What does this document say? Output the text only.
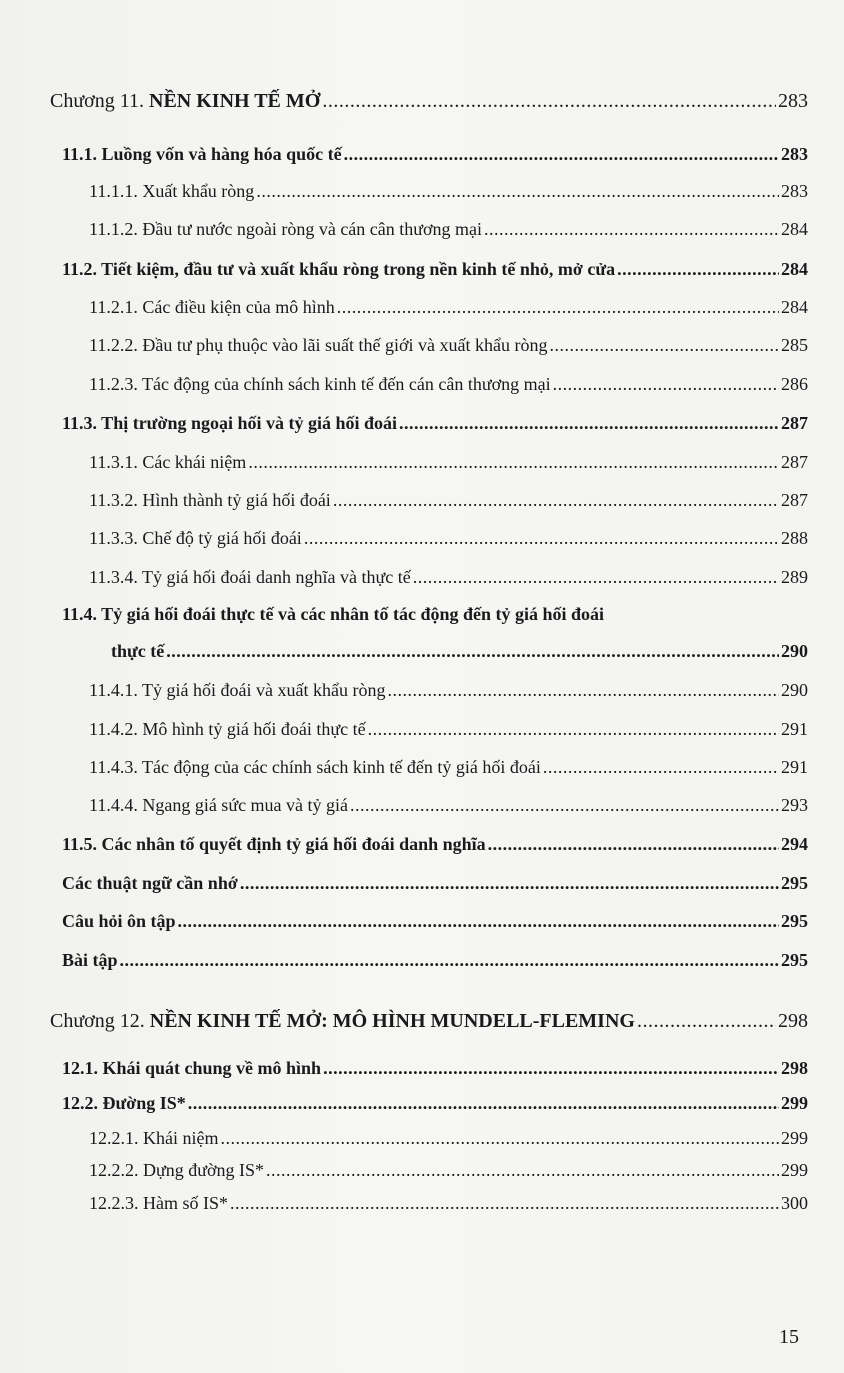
Chương 11. NỀN KINH TẾ MỞ .....	283
11.1. Luồng vốn và hàng hóa quốc tế .....	283
11.1.1. Xuất khẩu ròng .....	283
11.1.2. Đầu tư nước ngoài ròng và cán cân thương mại .....	284
11.2. Tiết kiệm, đầu tư và xuất khẩu ròng trong nền kinh tế nhỏ, mở cửa .....	284
11.2.1. Các điều kiện của mô hình .....	284
11.2.2. Đầu tư phụ thuộc vào lãi suất thế giới và xuất khẩu ròng .....	285
11.2.3. Tác động của chính sách kinh tế đến cán cân thương mại .....	286
11.3. Thị trường ngoại hối và tỷ giá hối đoái .....	287
11.3.1. Các khái niệm .....	287
11.3.2. Hình thành tỷ giá hối đoái .....	287
11.3.3. Chế độ tỷ giá hối đoái .....	288
11.3.4. Tỷ giá hối đoái danh nghĩa và thực tế .....	289
11.4. Tỷ giá hối đoái thực tế và các nhân tố tác động đến tỷ giá hối đoái
thực tế .....	290
11.4.1. Tỷ giá hối đoái và xuất khẩu ròng .....	290
11.4.2. Mô hình tỷ giá hối đoái thực tế .....	291
11.4.3. Tác động của các chính sách kinh tế đến tỷ giá hối đoái .....	291
11.4.4. Ngang giá sức mua và tỷ giá .....	293
11.5. Các nhân tố quyết định tỷ giá hối đoái danh nghĩa .....	294
Các thuật ngữ cần nhớ .....	295
Câu hỏi ôn tập .....	295
Bài tập .....	295
Chương 12. NỀN KINH TẾ MỞ: MÔ HÌNH MUNDELL-FLEMING .....	298
12.1. Khái quát chung về mô hình .....	298
12.2. Đường IS* .....	299
12.2.1. Khái niệm .....	299
12.2.2. Dựng đường IS* .....	299
12.2.3. Hàm số IS* .....	300
15
